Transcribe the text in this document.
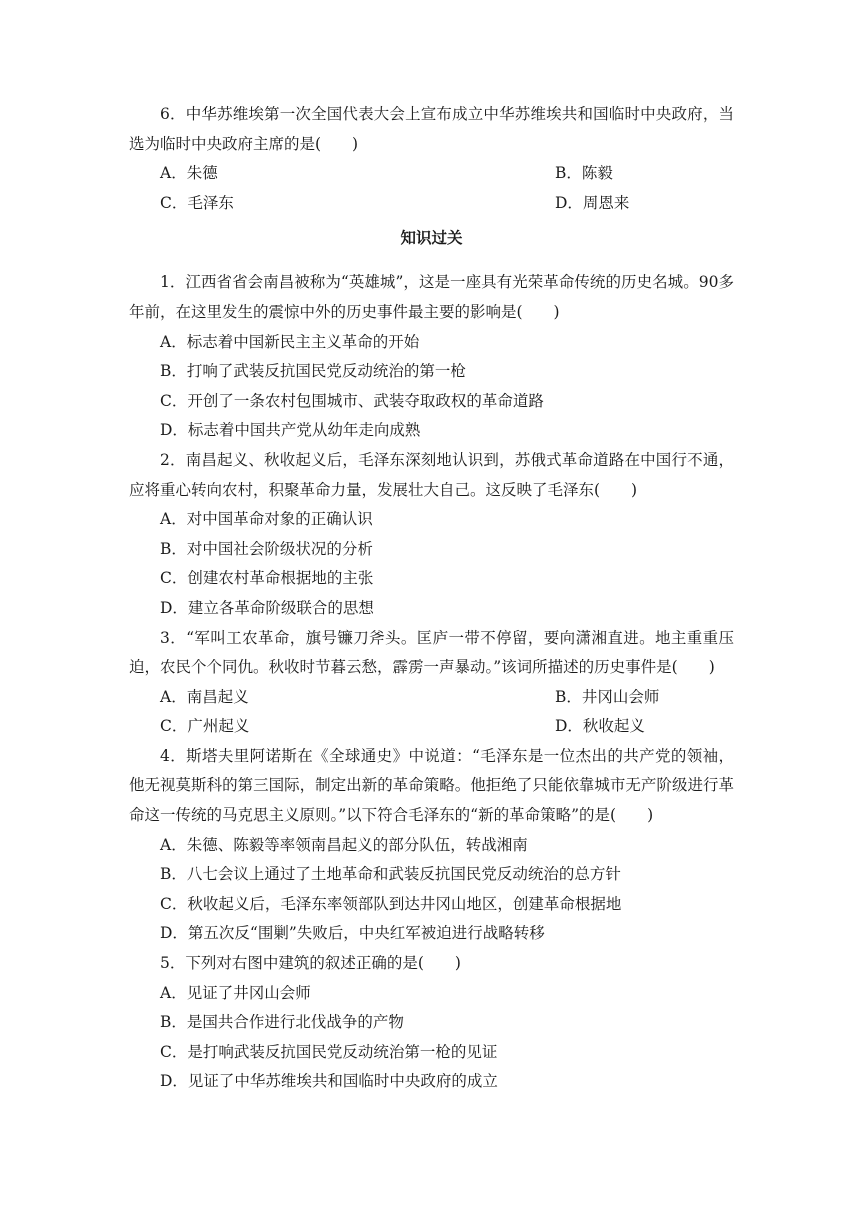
6．中华苏维埃第一次全国代表大会上宣布成立中华苏维埃共和国临时中央政府，当选为临时中央政府主席的是(　　)

A．朱德	B．陈毅
C．毛泽东	D．周恩来

知识过关

1．江西省省会南昌被称为“英雄城”，这是一座具有光荣革命传统的历史名城。90多年前，在这里发生的震惊中外的历史事件最主要的影响是(　　)

A．标志着中国新民主主义革命的开始

B．打响了武装反抗国民党反动统治的第一枪

C．开创了一条农村包围城市、武装夺取政权的革命道路

D．标志着中国共产党从幼年走向成熟

2．南昌起义、秋收起义后，毛泽东深刻地认识到，苏俄式革命道路在中国行不通，应将重心转向农村，积聚革命力量，发展壮大自己。这反映了毛泽东(　　)

A．对中国革命对象的正确认识

B．对中国社会阶级状况的分析

C．创建农村革命根据地的主张

D．建立各革命阶级联合的思想

3．“军叫工农革命，旗号镰刀斧头。匡庐一带不停留，要向潇湘直进。地主重重压迫，农民个个同仇。秋收时节暮云愁，霹雳一声暴动。”该词所描述的历史事件是(　　)

A．南昌起义	B．井冈山会师
C．广州起义	D．秋收起义

4．斯塔夫里阿诺斯在《全球通史》中说道：“毛泽东是一位杰出的共产党的领袖，他无视莫斯科的第三国际，制定出新的革命策略。他拒绝了只能依靠城市无产阶级进行革命这一传统的马克思主义原则。”以下符合毛泽东的“新的革命策略”的是(　　)

A．朱德、陈毅等率领南昌起义的部分队伍，转战湘南

B．八七会议上通过了土地革命和武装反抗国民党反动统治的总方针

C．秋收起义后，毛泽东率领部队到达井冈山地区，创建革命根据地

D．第五次反“围剿”失败后，中央红军被迫进行战略转移

5．下列对右图中建筑的叙述正确的是(　　)

A．见证了井冈山会师

B．是国共合作进行北伐战争的产物

C．是打响武装反抗国民党反动统治第一枪的见证

D．见证了中华苏维埃共和国临时中央政府的成立
